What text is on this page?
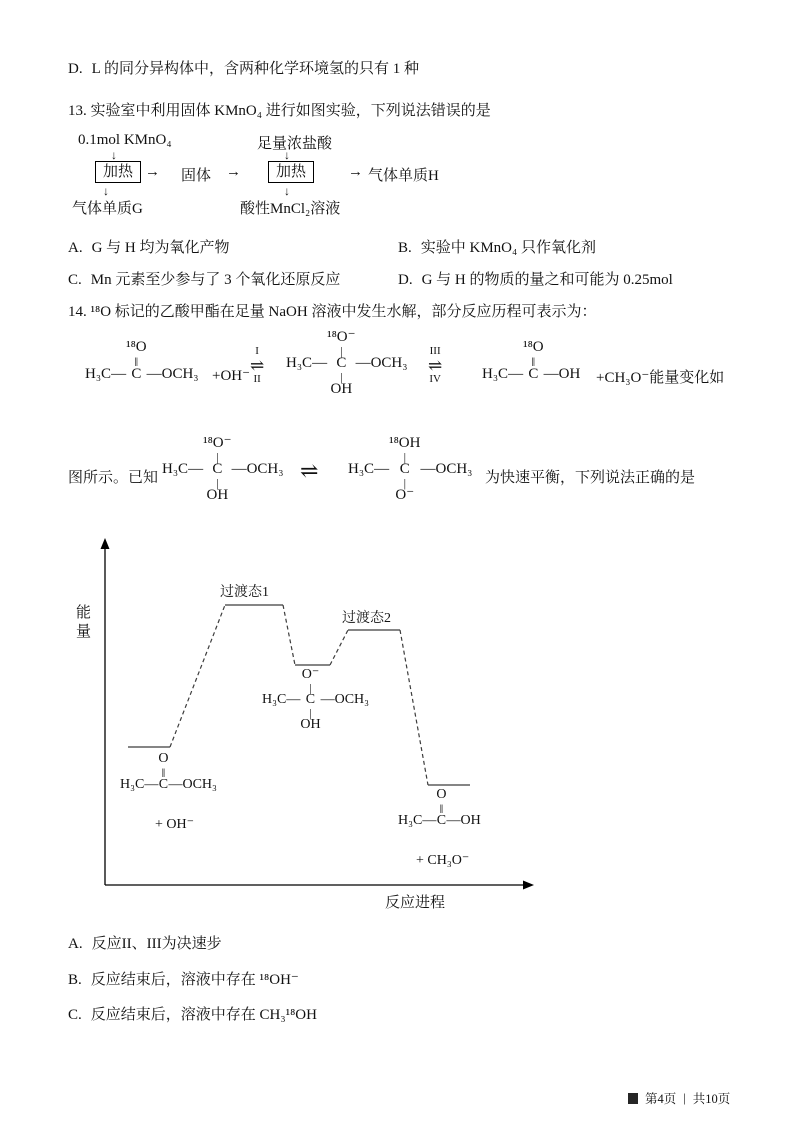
D. L 的同分异构体中，含两种化学环境氢的只有 1 种
13. 实验室中利用固体 KMnO₄ 进行如图实验，下列说法错误的是
0.1mol KMnO₄	足量浓盐酸
↓	↓
加热 → 固体 →	加热	→ 气体单质H
↓	↓
气体单质G	酸性MnCl₂溶液
A. G 与 H 均为氧化产物	B. 实验中 KMnO₄ 只作氧化剂
C. Mn 元素至少参与了 3 个氧化还原反应	D. G 与 H 的物质的量之和可能为 0.25mol
14. ¹⁸O 标记的乙酸甲酯在足量 NaOH 溶液中发生水解，部分反应历程可表示为：
¹⁸O
‖
H₃C — C — OCH₃ +OH⁻
I
⇌
II
¹⁸O⁻
|
H₃C — C — OCH₃
|
OH
III
⇌
IV
¹⁸O
‖
H₃C — C — OH +CH₃O⁻能量变化如
图所示。已知
¹⁸O⁻
|
H₃C — C — OCH₃
|
OH
⇌
¹⁸OH
|
H₃C — C — OCH₃
|
O⁻
为快速平衡，下列说法正确的是
过渡态1
过渡态2
能量
反应进程
O
‖
H₃C — C — OCH₃
+ OH⁻
O⁻
|
H₃C — C — OCH₃
|
OH
O
‖
H₃C — C — OH
+ CH₃O⁻
A. 反应II、III为决速步
B. 反应结束后，溶液中存在 ¹⁸OH⁻
C. 反应结束后，溶液中存在 CH₃¹⁸OH
第4页 | 共10页
